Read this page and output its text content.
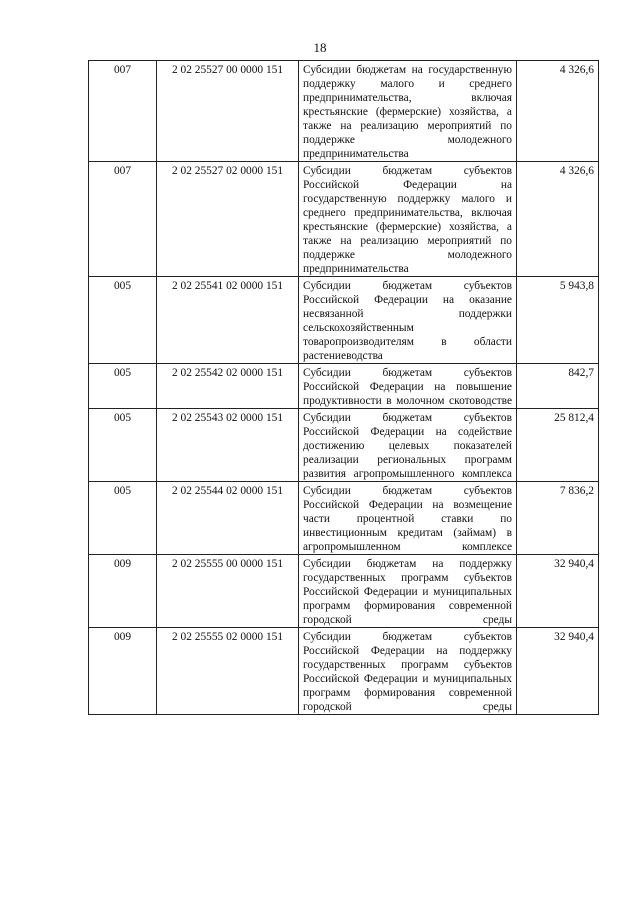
18
007	2 02 25527 00 0000 151	Субсидии бюджетам на государственную поддержку малого и среднего предпринимательства, включая крестьянские (фермерские) хозяйства, а также на реализацию мероприятий по поддержке молодежного предпринимательства	4 326,6
007	2 02 25527 02 0000 151	Субсидии бюджетам субъектов Российской Федерации на государственную поддержку малого и среднего предпринимательства, включая крестьянские (фермерские) хозяйства, а также на реализацию мероприятий по поддержке молодежного предпринимательства	4 326,6
005	2 02 25541 02 0000 151	Субсидии бюджетам субъектов Российской Федерации на оказание несвязанной поддержки сельскохозяйственным товаропроизводителям в области растениеводства	5 943,8
005	2 02 25542 02 0000 151	Субсидии бюджетам субъектов Российской Федерации на повышение продуктивности в молочном скотоводстве	842,7
005	2 02 25543 02 0000 151	Субсидии бюджетам субъектов Российской Федерации на содействие достижению целевых показателей реализации региональных программ развития агропромышленного комплекса	25 812,4
005	2 02 25544 02 0000 151	Субсидии бюджетам субъектов Российской Федерации на возмещение части процентной ставки по инвестиционным кредитам (займам) в агропромышленном комплексе	7 836,2
009	2 02 25555 00 0000 151	Субсидии бюджетам на поддержку государственных программ субъектов Российской Федерации и муниципальных программ формирования современной городской среды	32 940,4
009	2 02 25555 02 0000 151	Субсидии бюджетам субъектов Российской Федерации на поддержку государственных программ субъектов Российской Федерации и муниципальных программ формирования современной городской среды	32 940,4
